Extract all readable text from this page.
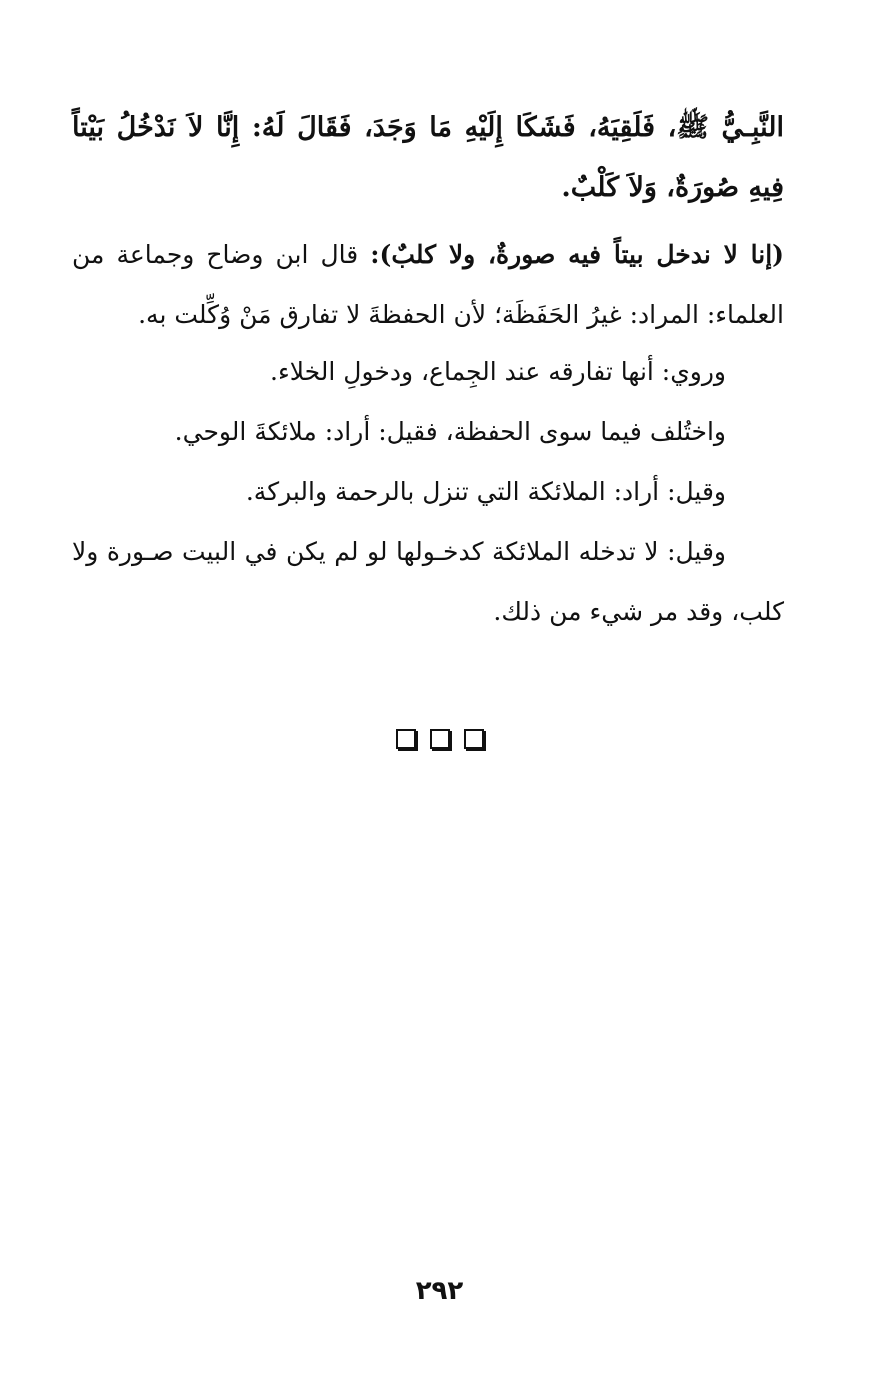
النَّبِـيُّ ﷺ، فَلَقِيَهُ، فَشَكَا إِلَيْهِ مَا وَجَدَ، فَقَالَ لَهُ: إِنَّا لاَ نَدْخُلُ بَيْتاً فِيهِ صُورَةٌ، وَلاَ كَلْبٌ.

(إنا لا ندخل بيتاً فيه صورةٌ، ولا كلبٌ): قال ابن وضاح وجماعة من العلماء: المراد: غيرُ الحَفَظَة؛ لأن الحفظةَ لا تفارق مَنْ وُكِّلت به.

وروي: أنها تفارقه عند الجِماع، ودخولِ الخلاء.

واختُلف فيما سوى الحفظة، فقيل: أراد: ملائكةَ الوحي.

وقيل: أراد: الملائكة التي تنزل بالرحمة والبركة.

وقيل: لا تدخله الملائكة كدخـولها لو لم يكن في البيت صـورة ولا كلب، وقد مر شيء من ذلك.

٢٩٢
